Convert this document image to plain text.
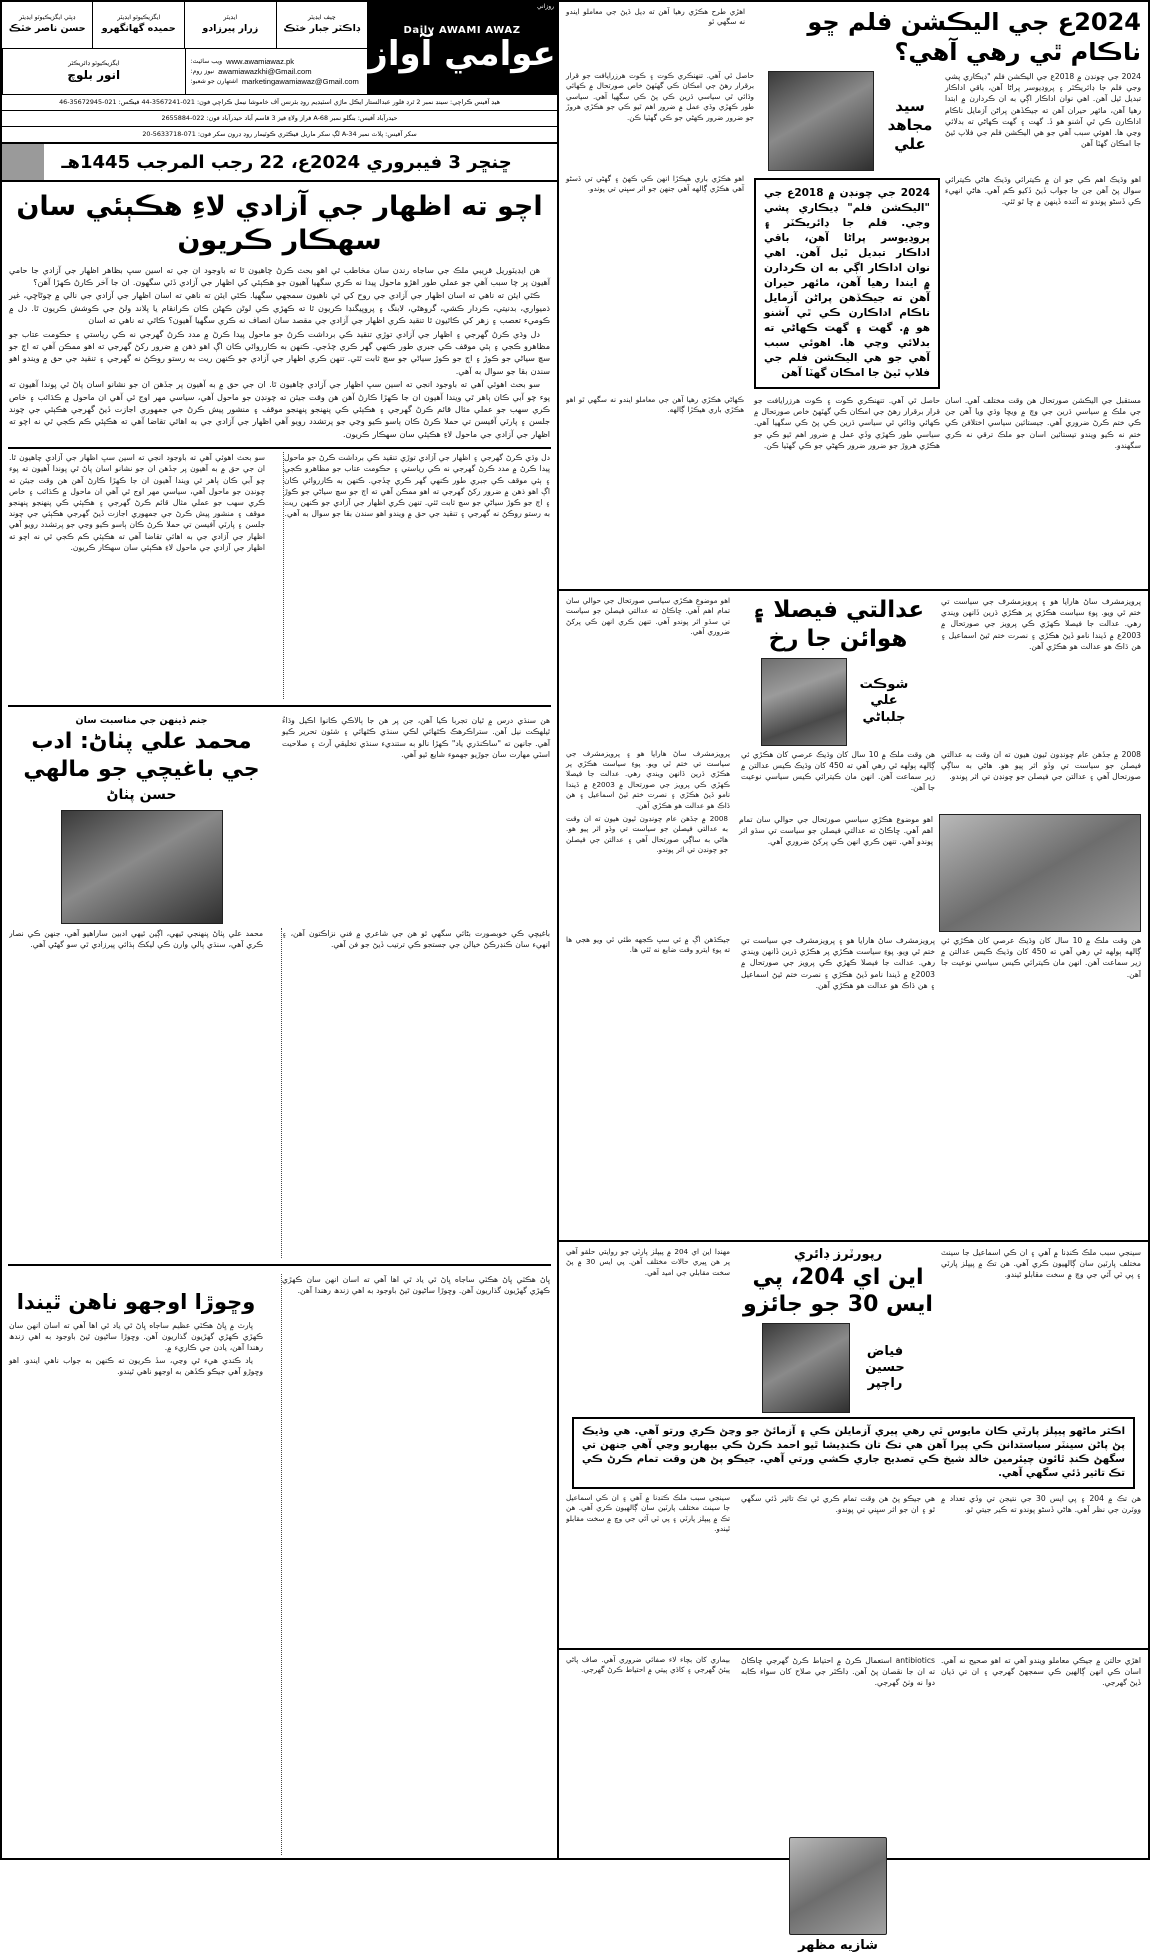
2024ع جي اليڪشن فلم ڇو ناڪام ٿي رهي آهي؟
اهڙي طرح هڪڙي رهيا آهن ته ڊيل ڏيڻ جي معاملو ايندو نه سگهي ٿو
2024 جي چونڊن ۾ 2018ع جي اليڪشن فلم "ڊيڪاري پشي وجي فلم جا ڊائريڪٽر ۽ پروڊيوسر پراڻا آهن، باقي اداڪار تبديل ٿيل آهن. اهي نوان اداڪار اڳي به ان ڪردارن ۾ ابتدا رهيا آهن، مائهر حيران آهن ته جيڪڏهن پراڻن آزمايل ناڪام اداڪارن ڪي ٿي آشنو هو ڏ. گهت ۽ گهت ڪهاڻي ته بدلائي وڃي ها. اهوئي سبب آهي جو هي اليڪشن فلم جي فلاپ ٿيڻ جا امڪان گهٽا آهن
سيد مجاهد علي
حاصل ٿي آهي. تنهنڪري ڪوت ۽ ڪوت هرزرايافت جو قرار برقرار رهڻ جي امڪان ڪي گهٽهڻ خاص صورتحال ۾ ڪهائي وڌائي ٿي سياسي ڌرين ڪي پڻ ڪي سگهيا آهي. سياسي طور ڪهڙي وڏي عمل ۾ ضرور اهم ٿيو ڪي جو هڪڙي هروڙ جو ضرور ضرور ڪهڻي جو ڪي گهٽيا ڪن.
اهو وڌيڪ اهم ڪي جو ان ۾ ڪيترائي وڌيڪ هاڻي ڪيترائي سوال پڻ آهن جن جا جواب ڏيڻ ڏکيو ڪم آهي. هاڻي انهيء ڪي ڏسڻو پوندو ته آئنده ڏينهن ۾ ڇا ٿو ٿئي.
2024 جي چونڊن ۾ 2018ع جي "اليڪشن فلم" ڊيڪاري پشي وجي. فلم جا ڊائريڪٽر ۽ پروڊيوسر پراڻا آهن، باقي اداڪار تبديل ٿيل آهن. اهي نوان اداڪار اڳي به ان ڪردارن ۾ ايندا رهيا آهن، مائهر حيران آهن ته جيڪڏهن پراڻن آزمايل ناڪام اداڪارن ڪي ٿي آشنو هو ۾. گهت ۽ گهت ڪهاڻي ته بدلائي وڃي ها. اهوئي سبب آهي جو هي اليڪشن فلم جي فلاپ ٿيڻ جا امڪان گهٽا آهن
اهو هڪڙي باري هيڪڙا انهن ڪي ڪهڻ ۽ گهڻي تي ڏسڻو آهي هڪڙي ڳالهه آهي جنهن جو اثر سڀني تي پوندو.
مستقبل جي اليڪشن صورتحال هن وقت مختلف آهي. اسان جي ملڪ ۾ سياسي ڌرين جي وچ ۾ ويڇا وڌي ويا آهن جن ڪي ختم ڪرڻ ضروري آهي. جيستائين سياسي اختلافن ڪي ختم نه ڪيو ويندو تيستائين اسان جو ملڪ ترقي نه ڪري سگهندو.
حاصل ٿي آهي. تنهنڪري ڪوت ۽ ڪوت هرزرايافت جو قرار برقرار رهڻ جي امڪان ڪي گهٽهڻ خاص صورتحال ۾ ڪهائي وڌائي ٿي سياسي ڌرين ڪي پڻ ڪي سگهيا آهي. سياسي طور ڪهڙي وڏي عمل ۾ ضرور اهم ٿيو ڪي جو هڪڙي هروڙ جو ضرور ضرور ڪهڻي جو ڪي گهٽيا ڪن.
ڪهاڻي هڪڙي رهيا آهن جي معاملو ايندو نه سگهي ٿو اهو هڪڙي باري هيڪڙا ڳالهه.
پرويزمشرف ساڻ هارايا هو ۽ پرويزمشرف جي سياست تي ختم ٿي ويو. پوءِ سياست هڪڙي پر هڪڙي ڌرين ڏانهن ويندي رهي. عدالت جا فيصلا ڪهڙي ڪي پرويز جي صورتحال ۾ 2003ع ۾ ڏيندا نامو ڏيڻ هڪڙي ۽ نصرت ختم ٿيڻ اسماعيل ۽ هن ڌاڪ هو عدالت هو هڪڙي آهن.
عدالتي فيصلا ۽ هوائن جا رخ
شوڪت علي جلباڻي
اهو موضوع هڪڙي سياسي صورتحال جي حوالي سان تمام اهم آهي. ڇاڪاڻ ته عدالتي فيصلن جو سياست تي سڌو اثر پوندو آهي. تنهن ڪري انهن ڪي پرکڻ ضروري آهي.
2008 ۾ جڏهن عام چونڊون ٿيون هيون ته ان وقت به عدالتي فيصلن جو سياست تي وڏو اثر پيو هو. هاڻي به ساڳي صورتحال آهي ۽ عدالتن جي فيصلن جو چونڊن تي اثر پوندو.
هن وقت ملڪ ۾ 10 سال کان وڌيڪ عرصي کان هڪڙي ئي ڳالهه ٻولهه ٿي رهي آهي ته 450 کان وڌيڪ ڪيس عدالتن ۾ زير سماعت آهن. انهن مان ڪيترائي ڪيس سياسي نوعيت جا آهن.
پرويزمشرف ساڻ هارايا هو ۽ پرويزمشرف جي سياست تي ختم ٿي ويو. پوءِ سياست هڪڙي پر هڪڙي ڌرين ڏانهن ويندي رهي. عدالت جا فيصلا ڪهڙي ڪي پرويز جي صورتحال ۾ 2003ع ۾ ڏيندا نامو ڏيڻ هڪڙي ۽ نصرت ختم ٿيڻ اسماعيل ۽ هن ڌاڪ هو عدالت هو هڪڙي آهن.
اهو موضوع هڪڙي سياسي صورتحال جي حوالي سان تمام اهم آهي. ڇاڪاڻ ته عدالتي فيصلن جو سياست تي سڌو اثر پوندو آهي. تنهن ڪري انهن ڪي پرکڻ ضروري آهي.
2008 ۾ جڏهن عام چونڊون ٿيون هيون ته ان وقت به عدالتي فيصلن جو سياست تي وڏو اثر پيو هو. هاڻي به ساڳي صورتحال آهي ۽ عدالتن جي فيصلن جو چونڊن تي اثر پوندو.
هن وقت ملڪ ۾ 10 سال کان وڌيڪ عرصي کان هڪڙي ئي ڳالهه ٻولهه ٿي رهي آهي ته 450 کان وڌيڪ ڪيس عدالتن ۾ زير سماعت آهن. انهن مان ڪيترائي ڪيس سياسي نوعيت جا آهن.
پرويزمشرف ساڻ هارايا هو ۽ پرويزمشرف جي سياست تي ختم ٿي ويو. پوءِ سياست هڪڙي پر هڪڙي ڌرين ڏانهن ويندي رهي. عدالت جا فيصلا ڪهڙي ڪي پرويز جي صورتحال ۾ 2003ع ۾ ڏيندا نامو ڏيڻ هڪڙي ۽ نصرت ختم ٿيڻ اسماعيل ۽ هن ڌاڪ هو عدالت هو هڪڙي آهن.
جيڪڏهن اڳ ۾ ئي سڀ ڪجهه طئي ٿي ويو هجي ها ته پوءِ ايترو وقت ضايع نه ٿئي ها.
سينجي سبب ملڪ ڪنڊنا ۾ آهي ۽ ان ڪي اسماعيل جا سينٽ مختلف پارٽين سان ڳالهيون ڪري آهي. هن تڪ ۾ پيپلز پارٽي ۽ پي ٽي آئي جي وچ ۾ سخت مقابلو ٿيندو.
رپورٽرز ڊائري
اين اي 204، پي ايس 30 جو جائزو
فياض حسين راڄپر
مهنڊا اين اي 204 ۾ پيپلز پارٽي جو روايتي حلقو آهي پر هن ڀيري حالات مختلف آهن. پي ايس 30 ۾ پڻ سخت مقابلي جي اميد آهي.
اڪثر ماڻهو پيپلز پارٽي ڪان مايوس ٿي رهي پيري آزمايلن ڪي ۽ آزمائڻ جو وڃڻ ڪري ورتو آهي. هي وڌيڪ پڻ پاڻن سينٽر سياستدانن ڪي پيرا آهن هي تڪ تان ڪنڊيشا ٿيو احمد ڪرڻ ڪي بيهاريو وڃي آهي جنهن تي سگهڻ ڪنڊ ٿائون چيئرمين خالد شيخ ڪي تصديح جاري ڪشي ورتي آهي. جيڪو پڻ هن وقت تمام ڪرڻ ڪي تڪ تاثير ڏئي سگهي آهي.
هن تڪ ۾ 204 ۽ پي ايس 30 جي نتيجن تي وڏي تعداد ۾ ووٽرن جي نظر آهي. هاڻي ڏسڻو پوندو ته ڪير جيتي ٿو.
هي جيڪو پڻ هن وقت تمام ڪري ٿي تڪ تاثير ڏئي سگهي ٿو ۽ ان جو اثر سڀني تي پوندو.
سينجي سبب ملڪ ڪنڊنا ۾ آهي ۽ ان ڪي اسماعيل جا سينٽ مختلف پارٽين سان ڳالهيون ڪري آهي. هن تڪ ۾ پيپلز پارٽي ۽ پي ٽي آئي جي وچ ۾ سخت مقابلو ٿيندو.
اهڙي حالتن ۾ جيڪي معاملو ويندو آهي ته اهو صحيح نه آهي. اسان ڪي انهن ڳالهين ڪي سمجهڻ گهرجي ۽ ان تي ڌيان ڏيڻ گهرجي.
antibiotics استعمال ڪرڻ ۾ احتياط ڪرڻ گهرجي ڇاڪاڻ ته ان جا نقصان پڻ آهن. ڊاڪٽر جي صلاح کان سواء ڪابه دوا نه وٺڻ گهرجي.
شازيه مظهر
بيماري کان بچاء لاء صفائي ضروري آهي. صاف پاڻي پيئڻ گهرجي ۽ کاڌي پيتي ۾ احتياط ڪرڻ گهرجي.
روزاني
Daily AWAMI AWAZ
عوامي آواز
چيف ايڊيٽر
ڊاڪٽر جبار خٽڪ
ايڊيٽر
زرار پيرزادو
ايگزيڪيوٽو ايڊيٽر
حميده گهانگهرو
ڊپٽي ايگزيڪيوٽو ايڊيٽر
حسن ناصر خٽڪ
www.awamiawaz.pk
ويب سائيٽ:
awamiawazkhi@Gmail.com
نيوز روم:
marketingawamiawaz@Gmail.com
اشتهارن جو شعبو:
ايگزيڪيوٽو ڊائريڪٽر
انور بلوچ
ھيڊ آفيس ڪراچي: سينڊ نمبر 2 ٿرڊ فلور عبدالستار ايڪل ماڙي اسٽيڊيم روڊ بئرنس آف خاموشا نيمل ڪراچي فون: 021-3567241-44 فيڪس: 021-35672945-46
حيدرآباد آفيس: بنگلو نمبر A-68 فراز ولاءِ فيز 3 قاسم آباد حيدرآباد فون: 022-2655884
سکر آفيس: پلاٽ نمبر A-34 لڳ سکر ماربل فيڪٽري ڪوٽيمار روڊ ڊرون سکر فون: 071-5633718-20
ڇنڇر 3 فيبروري 2024ع، 22 رجب المرجب 1445هـ
اچو ته اظهار جي آزادي لاءِ هڪٻئي سان سهڪار ڪريون

هن ايڊيٽوريل قريبي ملڪ جي ساجاه رندن سان مخاطب ٿي اهو بحث ڪرڻ چاهيون ٿا ته باوجود ان جي ته اسين سڀ بظاهر اظهار جي آزادي جا حامي آهيون پر چا سبب آهي جو عملي طور اهڙو ماحول پيدا نه ڪري سگهيا آهيون جو هڪٻئي کي اظهار جي آزادي ڏئي سگهون. ان جا آخر ڪارڻ ڪهڙا آهن؟

ڪٿي ايئن ته ناهي ته اسان اظهار جي آزادي جي روح کي ئي ناهيون سمجهي سگهيا. ڪٿي ايئن ته ناهي ته اسان اظهار جي آزادي جي نالي ۾ چوڻاڇي، غير ذميواري، بدنيتي، ڪردار ڪشي، گروهڻي، لابنگ ۽ پروپيگنڊا ڪريون ٿا ته ڪهڙي ڪي لوڻن ڪهڻن ڪان ڪرانقام يا پلاند ولڻ جي ڪوشش ڪريون ٿا. دل ۾ ڪوميء تعصب ۽ زهر کي ڪاٿيون ٿا تنقيد ڪري اظهار جي آزادي جي مقصد سان انصاف نه ڪري سگهيا آهيون؟ ڪاٿي ته ناهي ته اسان

دل وڌي ڪرڻ گهرجي ۽ اظهار جي آزادي توڙي تنقيد ڪي برداشت ڪرڻ جو ماحول پيدا ڪرڻ ۾ مدد ڪرڻ گهرجي نه ڪي رياستي ۽ حڪومت عتاب جو مظاهرو ڪجي ۽ ٻئي موقف ڪي جبري طور ڪنهي گهر ڪري چڏجي. ڪنهن به ڪارروائي ڪان اڳ اهو ذهن ۾ ضرور رکڻ گهرجي ته اهو ممڪن آهي ته اڄ جو سچ سياڻي جو ڪوڙ ۽ اڄ جو ڪوڙ سياڻي جو سچ ثابت ٿئي. تنهن ڪري اظهار جي آزادي جو ڪنهن ريت به رستو روڪڻ نه گهرجي ۽ تنقيد جي حق ۾ ويندو اهو سندن بقا جو سوال به آهي.

سو بحث اهوئي آهي ته باوجود انجي ته اسين سڀ اظهار جي آزادي چاهيون ٿا. ان جي حق ۾ به آهيون پر جڏهن ان جو نشانو اسان پاڻ ٿي پوندا آهيون ته پوء چو آبي ڪان ٻاهر ٿي ويندا آهيون ان جا ڪهڙا ڪارڻ آهن هن وقت جيئن ته چونڊن جو ماحول آهي، سياسي مهر اوج ٿي آهي ان ماحول ۾ ڪڌائب ۽ خاص ڪري سهب جو عملي مثال قائم ڪرڻ گهرجي ۽ هڪٻئي ڪي پنهنجو پنهنجو موقف ۽ منشور پيش ڪرڻ جي جمهوري اجازت ڏيڻ گهرجي هڪٻئي جي چوند جلسن ۽ پارٽي آفيسن تي حملا ڪرڻ ڪان ٻاسو ڪيو وڃي جو پرتشدد رويو آهي اظهار جي آزادي جي به اهائي تقاضا آهي ته هڪٻئي ڪم ڪجي ٿي نه اچو ته اظهار جي آزادي جي ماحول لاءِ هڪٻئي سان سهڪار ڪريون.

دل وڌي ڪرڻ گهرجي ۽ اظهار جي آزادي توڙي تنقيد ڪي برداشت ڪرڻ جو ماحول پيدا ڪرڻ ۾ مدد ڪرڻ گهرجي نه ڪي رياستي ۽ حڪومت عتاب جو مظاهرو ڪجي ۽ ٻئي موقف ڪي جبري طور ڪنهي گهر ڪري چڏجي. ڪنهن به ڪارروائي ڪان اڳ اهو ذهن ۾ ضرور رکڻ گهرجي ته اهو ممڪن آهي ته اڄ جو سچ سياڻي جو ڪوڙ ۽ اڄ جو ڪوڙ سياڻي جو سچ ثابت ٿئي. تنهن ڪري اظهار جي آزادي جو ڪنهن ريت به رستو روڪڻ نه گهرجي ۽ تنقيد جي حق ۾ ويندو اهو سندن بقا جو سوال به آهي.
سو بحث اهوئي آهي ته باوجود انجي ته اسين سڀ اظهار جي آزادي چاهيون ٿا. ان جي حق ۾ به آهيون پر جڏهن ان جو نشانو اسان پاڻ ٿي پوندا آهيون ته پوء چو آبي ڪان ٻاهر ٿي ويندا آهيون ان جا ڪهڙا ڪارڻ آهن هن وقت جيئن ته چونڊن جو ماحول آهي، سياسي مهر اوج ٿي آهي ان ماحول ۾ ڪڌائب ۽ خاص ڪري سهب جو عملي مثال قائم ڪرڻ گهرجي ۽ هڪٻئي ڪي پنهنجو پنهنجو موقف ۽ منشور پيش ڪرڻ جي جمهوري اجازت ڏيڻ گهرجي هڪٻئي جي چوند جلسن ۽ پارٽي آفيسن تي حملا ڪرڻ ڪان ٻاسو ڪيو وڃي جو پرتشدد رويو آهي اظهار جي آزادي جي به اهائي تقاضا آهي ته هڪٻئي ڪم ڪجي ٿي نه اچو ته اظهار جي آزادي جي ماحول لاءِ هڪٻئي سان سهڪار ڪريون.
هن سنڌي درس ۾ ٿيان تجربا ڪيا آهن، جن پر هن جا ٻالاڪي ڪانوا اڪيل وڌاءُ ٿيلهڪت نيل آهن. ستراڪرهڪ ڪٿهائي لڪي سنڌي ڪٿهائي ۽ شئون تحرير ڪيو آهي. جانهن ته "ساڪنڌري ياد" ڪهڙا نالو به ستنديء سنڌي تخليقي آرٽ ۽ صلاحيت اسٽي مهارت سان جوڙيو جهموء شايع ٿيو آهي.
جنم ڏينهن جي مناسبت سان
محمد علي پٺاڻ: ادب جي باغيچي جو مالهي
حسن پٺاڻ
باغيچي ڪي خوبصورت بڻائي سگهي ٿو هن جي شاعري ۾ فني نزاڪتون آهن، ۽ انهيء سان ڪنڊرڪڻ خيالن جي جستجو ڪي ترتيب ڏيڻ جو فن آهي.
محمد علي پٺاڻ پنهنجي ٿيهي، اڳين ٿيهي ادبين ساراهيو آهي، جنهن ڪي نصار ڪري آهي، سنڌي ٻالي وارن ڪي ليکڪ ٻڌائي پيرزادي ٿي سو گهڻي آهي.
ڀاڻ هڪٽي ڀاڻ هڪٽي ساجاه ڀاڻ ٿي ياد ٿي اها آهي ته اسان انهن سان ڪهڙي ڪهڙي گهڙيون گذاريون آهن. وڇوڙا ساڻيون ٿيڻ باوجود به اهي زندھ رهندا آهن.
وڇوڙا اوجهو ناهن ٿيندا

پارٽ ۾ ڀاڻ هڪٽي عظيم ساجاه ڀاڻ ٿي ياد ٿي اها آهي ته اسان انهن سان ڪهڙي ڪهڙي گهڙيون گذاريون آهن. وڇوڙا ساڻيون ٿيڻ باوجود به اهي زندھ رهندا آهن، يادن جي ڪاريء ۾.

ياد ڪندي هيء ٿي وڃي، سڏ ڪريون ته ڪنهن به جواب ناهي ايندو. اهو وڇوڙو آهي جيڪو ڪڏهن به اوجهو ناهي ٿيندو.
